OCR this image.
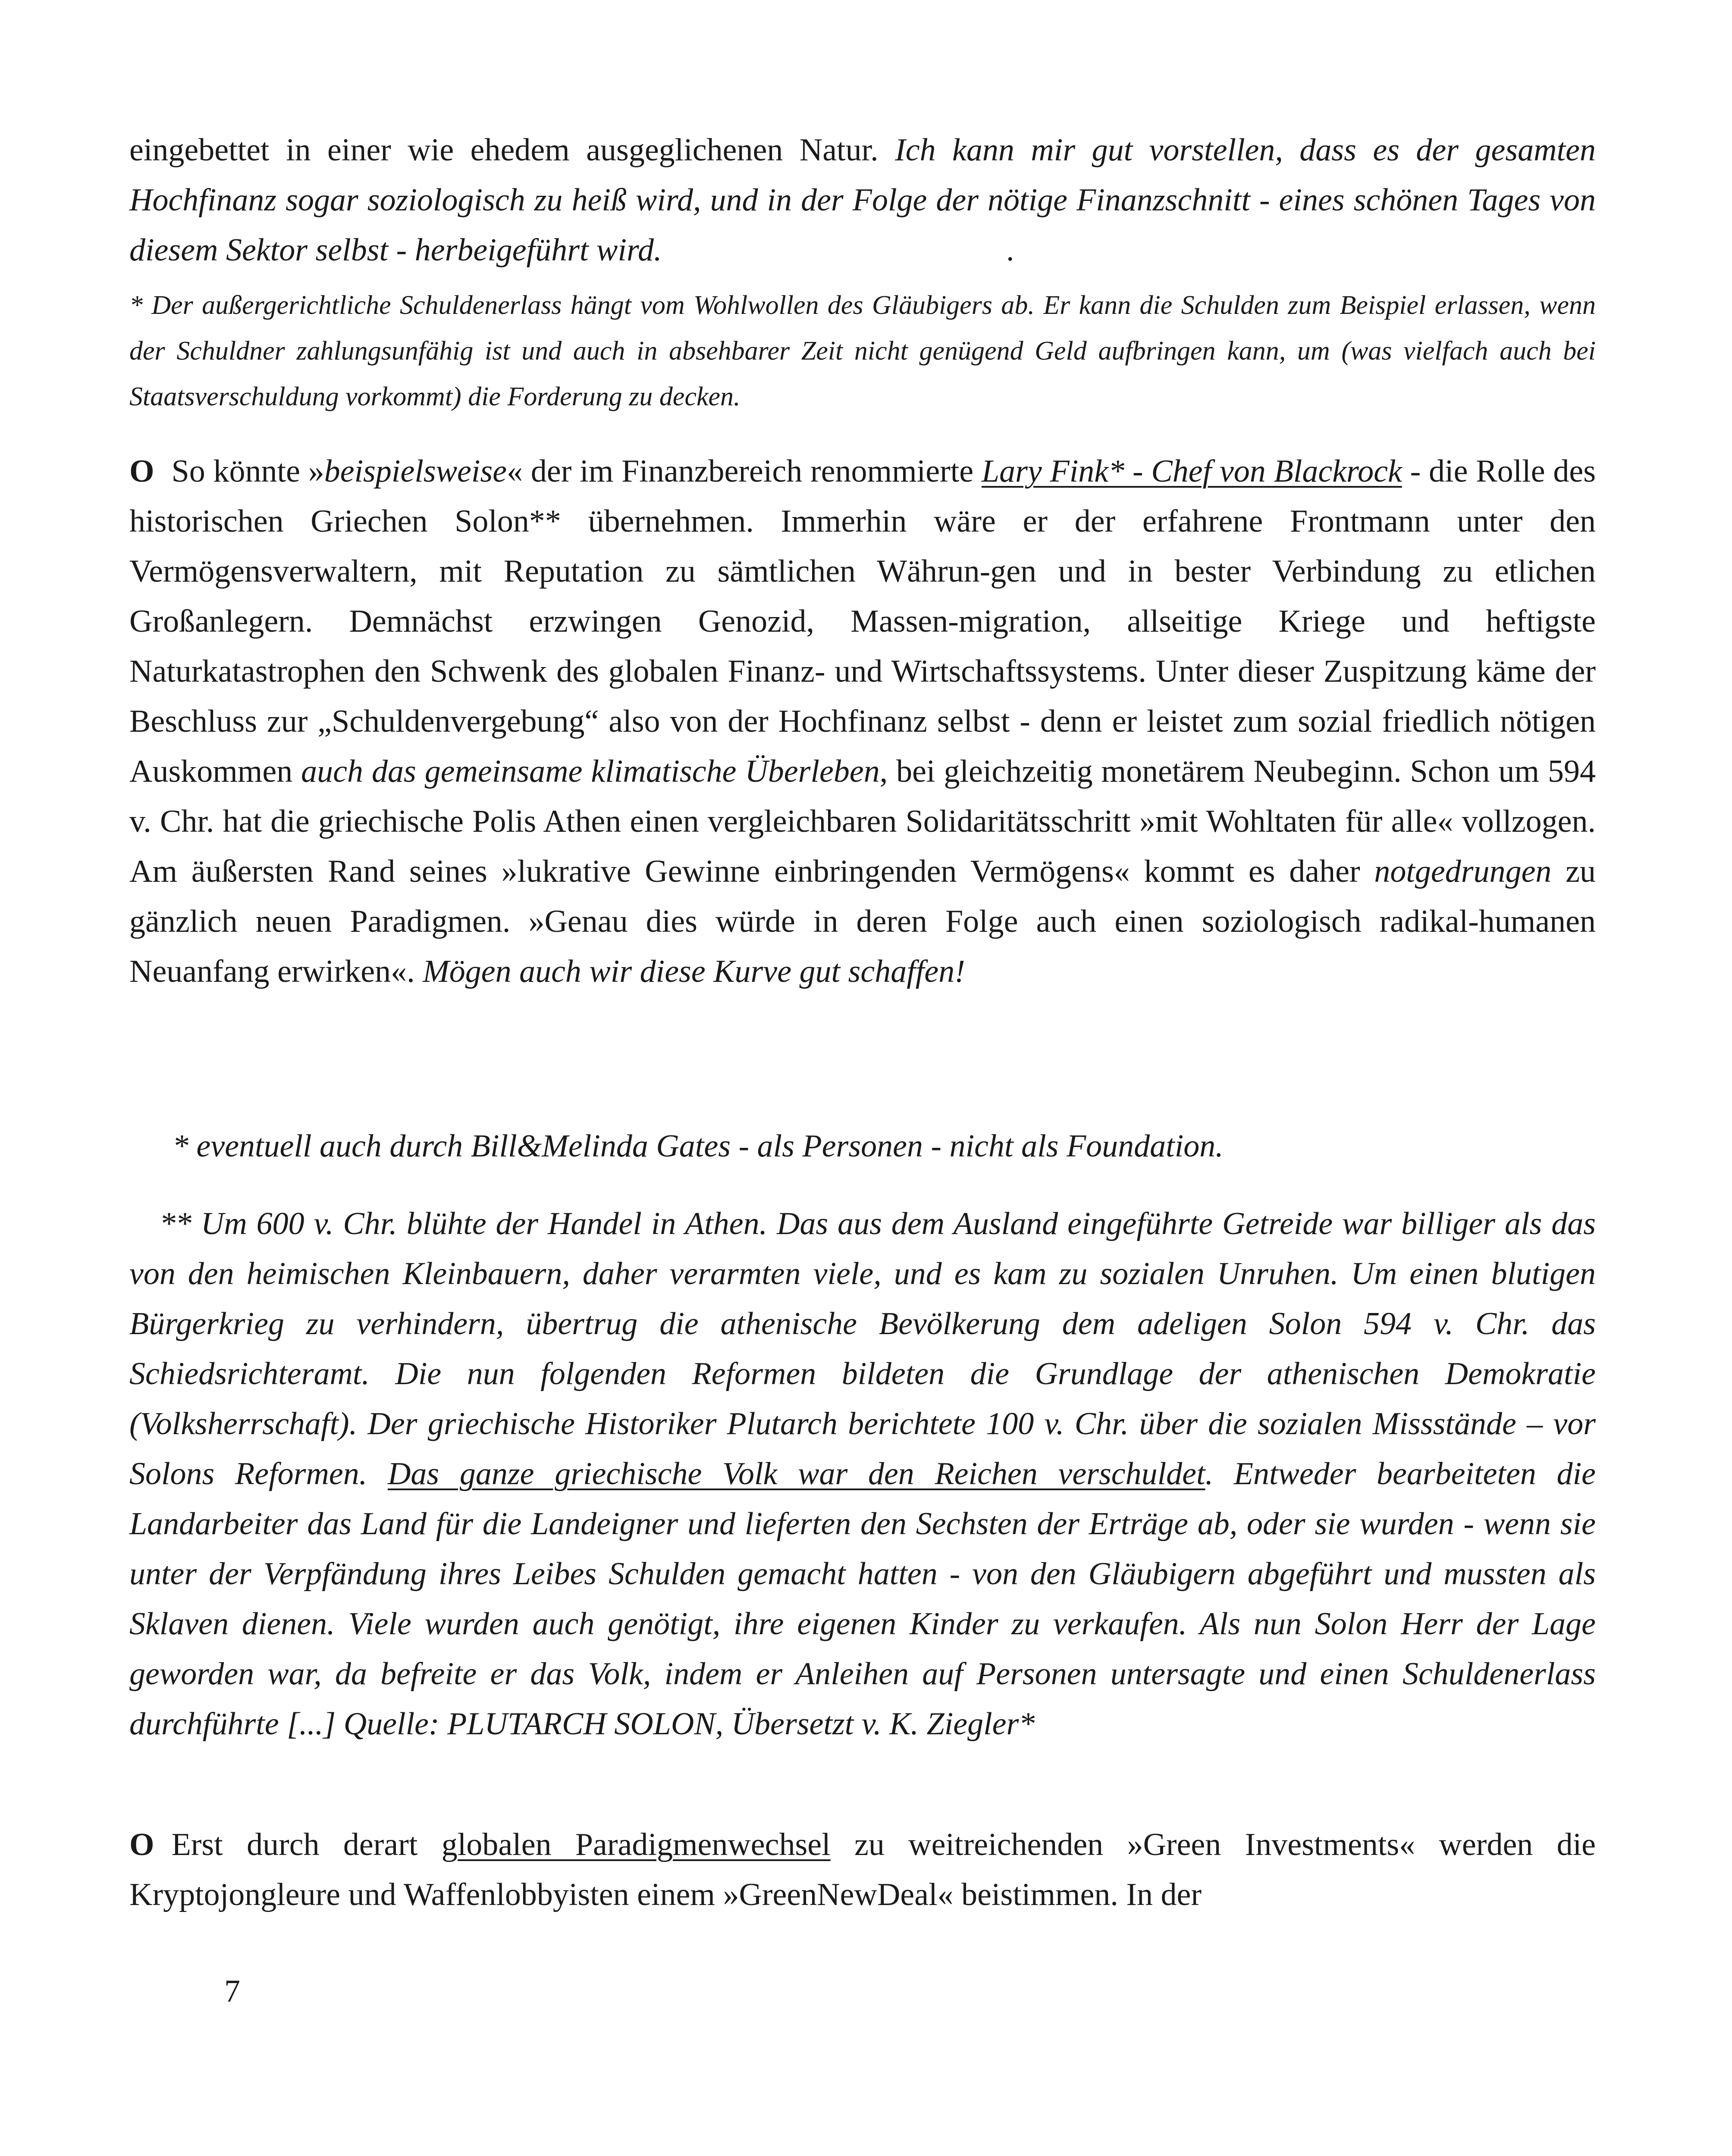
eingebettet in einer wie ehedem ausgeglichenen Natur. Ich kann mir gut vorstellen, dass es der gesamten Hochfinanz sogar soziologisch zu heiß wird, und in der Folge der nötige Finanzschnitt - eines schönen Tages von diesem Sektor selbst - herbeigeführt wird.	.

* Der außergerichtliche Schuldenerlass hängt vom Wohlwollen des Gläubigers ab. Er kann die Schulden zum Beispiel erlassen, wenn der Schuldner zahlungsunfähig ist und auch in absehbarer Zeit nicht genügend Geld aufbringen kann, um (was vielfach auch bei Staatsverschuldung vorkommt) die Forderung zu decken.

O So könnte »beispielsweise« der im Finanzbereich renommierte Lary Fink* - Chef von Blackrock - die Rolle des historischen Griechen Solon** übernehmen. Immerhin wäre er der erfahrene Frontmann unter den Vermögensverwaltern, mit Reputation zu sämtlichen Währun-gen und in bester Verbindung zu etlichen Großanlegern. Demnächst erzwingen Genozid, Massen-migration, allseitige Kriege und heftigste Naturkatastrophen den Schwenk des globalen Finanz- und Wirtschaftssystems. Unter dieser Zuspitzung käme der Beschluss zur „Schuldenvergebung“ also von der Hochfinanz selbst - denn er leistet zum sozial friedlich nötigen Auskommen auch das gemeinsame klimatische Überleben, bei gleichzeitig monetärem Neubeginn. Schon um 594 v. Chr. hat die griechische Polis Athen einen vergleichbaren Solidaritätsschritt »mit Wohltaten für alle« vollzogen. Am äußersten Rand seines »lukrative Gewinne einbringenden Vermögens« kommt es daher notgedrungen zu gänzlich neuen Paradigmen. »Genau dies würde in deren Folge auch einen soziologisch radikal-humanen Neuanfang erwirken«. Mögen auch wir diese Kurve gut schaffen!

* eventuell auch durch Bill&Melinda Gates - als Personen - nicht als Foundation.

** Um 600 v. Chr. blühte der Handel in Athen. Das aus dem Ausland eingeführte Getreide war billiger als das von den heimischen Kleinbauern, daher verarmten viele, und es kam zu sozialen Unruhen. Um einen blutigen Bürgerkrieg zu verhindern, übertrug die athenische Bevölkerung dem adeligen Solon 594 v. Chr. das Schiedsrichteramt. Die nun folgenden Reformen bildeten die Grundlage der athenischen Demokratie (Volksherrschaft). Der griechische Historiker Plutarch berichtete 100 v. Chr. über die sozialen Missstände – vor Solons Reformen. Das ganze griechische Volk war den Reichen verschuldet. Entweder bearbeiteten die Landarbeiter das Land für die Landeigner und lieferten den Sechsten der Erträge ab, oder sie wurden - wenn sie unter der Verpfändung ihres Leibes Schulden gemacht hatten - von den Gläubigern abgeführt und mussten als Sklaven dienen. Viele wurden auch genötigt, ihre eigenen Kinder zu verkaufen. Als nun Solon Herr der Lage geworden war, da befreite er das Volk, indem er Anleihen auf Personen untersagte und einen Schuldenerlass durchführte [...] Quelle: PLUTARCH SOLON, Übersetzt v. K. Ziegler*

O Erst durch derart globalen Paradigmenwechsel zu weitreichenden »Green Investments« werden die Kryptojongleure und Waffenlobbyisten einem »GreenNewDeal« beistimmen. In der

7
